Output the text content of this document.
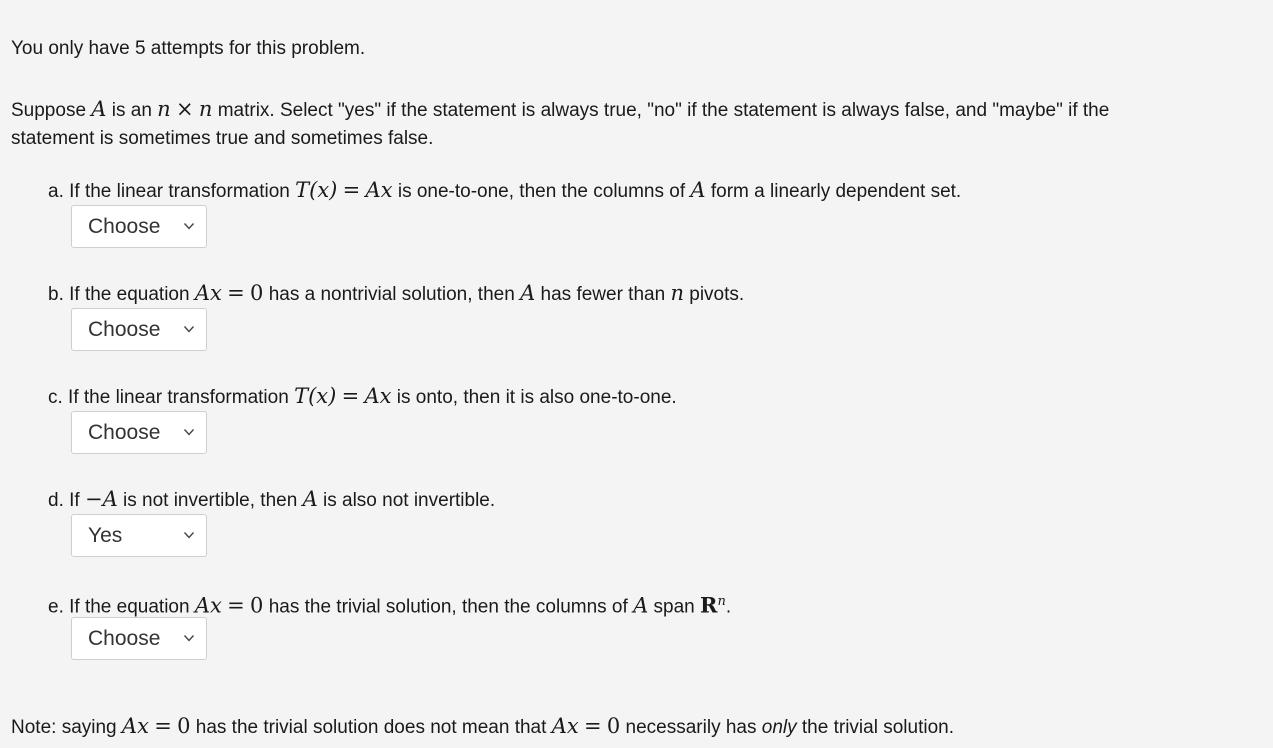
You only have 5 attempts for this problem.
Suppose A is an n × n matrix. Select "yes" if the statement is always true, "no" if the statement is always false, and "maybe" if the
statement is sometimes true and sometimes false.
a. If the linear transformation T(x) = Ax is one-to-one, then the columns of A form a linearly dependent set.
Choose
b. If the equation Ax = 0 has a nontrivial solution, then A has fewer than n pivots.
Choose
c. If the linear transformation T(x) = Ax is onto, then it is also one-to-one.
Choose
d. If −A is not invertible, then A is also not invertible.
Yes
e. If the equation Ax = 0 has the trivial solution, then the columns of A span $R^n$.
Choose
Note: saying Ax = 0 has the trivial solution does not mean that Ax = 0 necessarily has only the trivial solution.
